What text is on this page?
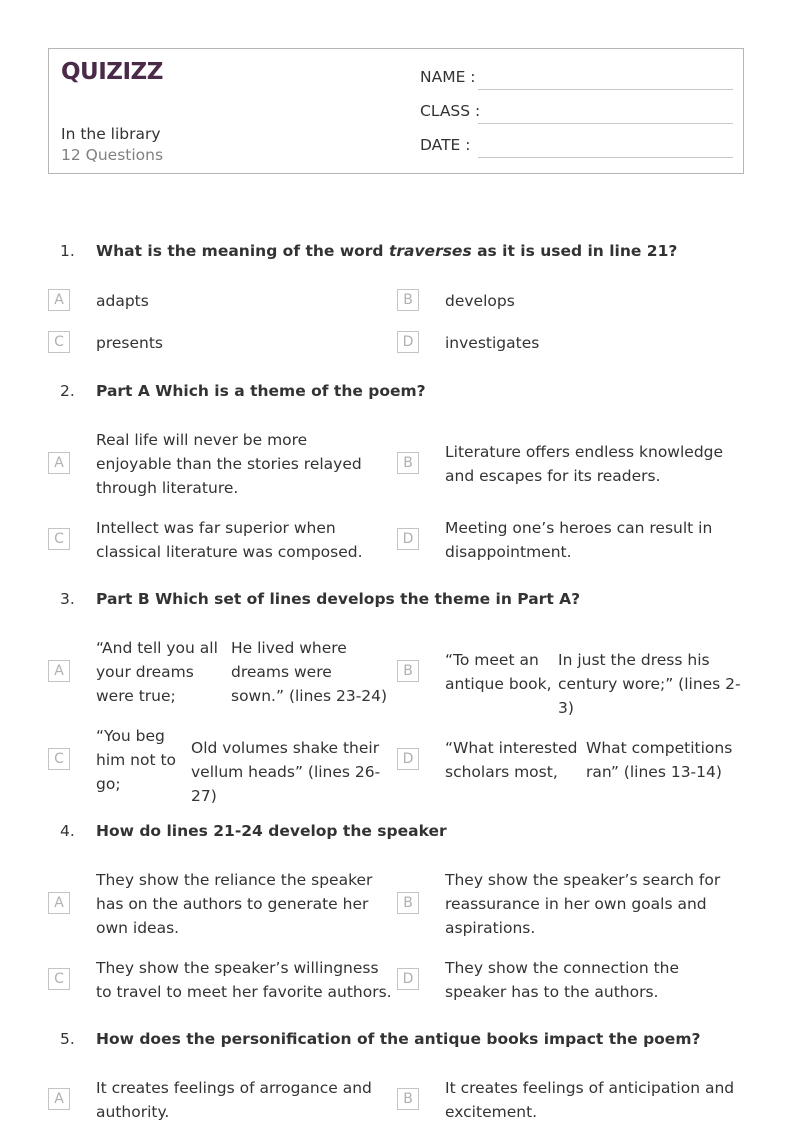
QUIZIZZ
In the library
12 Questions
NAME :
CLASS :
DATE :
1. What is the meaning of the word traverses as it is used in line 21?
A	adapts	B	develops
C	presents	D	investigates
2. Part A Which is a theme of the poem?
A
Real life will never be more enjoyable than the stories relayed through literature.
B
Literature offers endless knowledge and escapes for its readers.
C
Intellect was far superior when classical literature was composed.
D
Meeting one’s heroes can result in disappointment.
3. Part B Which set of lines develops the theme in Part A?
A
“And tell you all your dreams were true;
He lived where dreams were sown.” (lines 23-24)
B
“To meet an antique book,
In just the dress his century wore;” (lines 2-3)
C
“You beg him not to go;
Old volumes shake their vellum heads” (lines 26-27)
D
“What interested scholars most,
What competitions ran” (lines 13-14)
4. How do lines 21-24 develop the speaker
A
They show the reliance the speaker has on the authors to generate her own ideas.
B
They show the speaker’s search for reassurance in her own goals and aspirations.
C
They show the speaker’s willingness to travel to meet her favorite authors.
D
They show the connection the speaker has to the authors.
5. How does the personification of the antique books impact the poem?
A
It creates feelings of arrogance and authority.
B
It creates feelings of anticipation and excitement.
